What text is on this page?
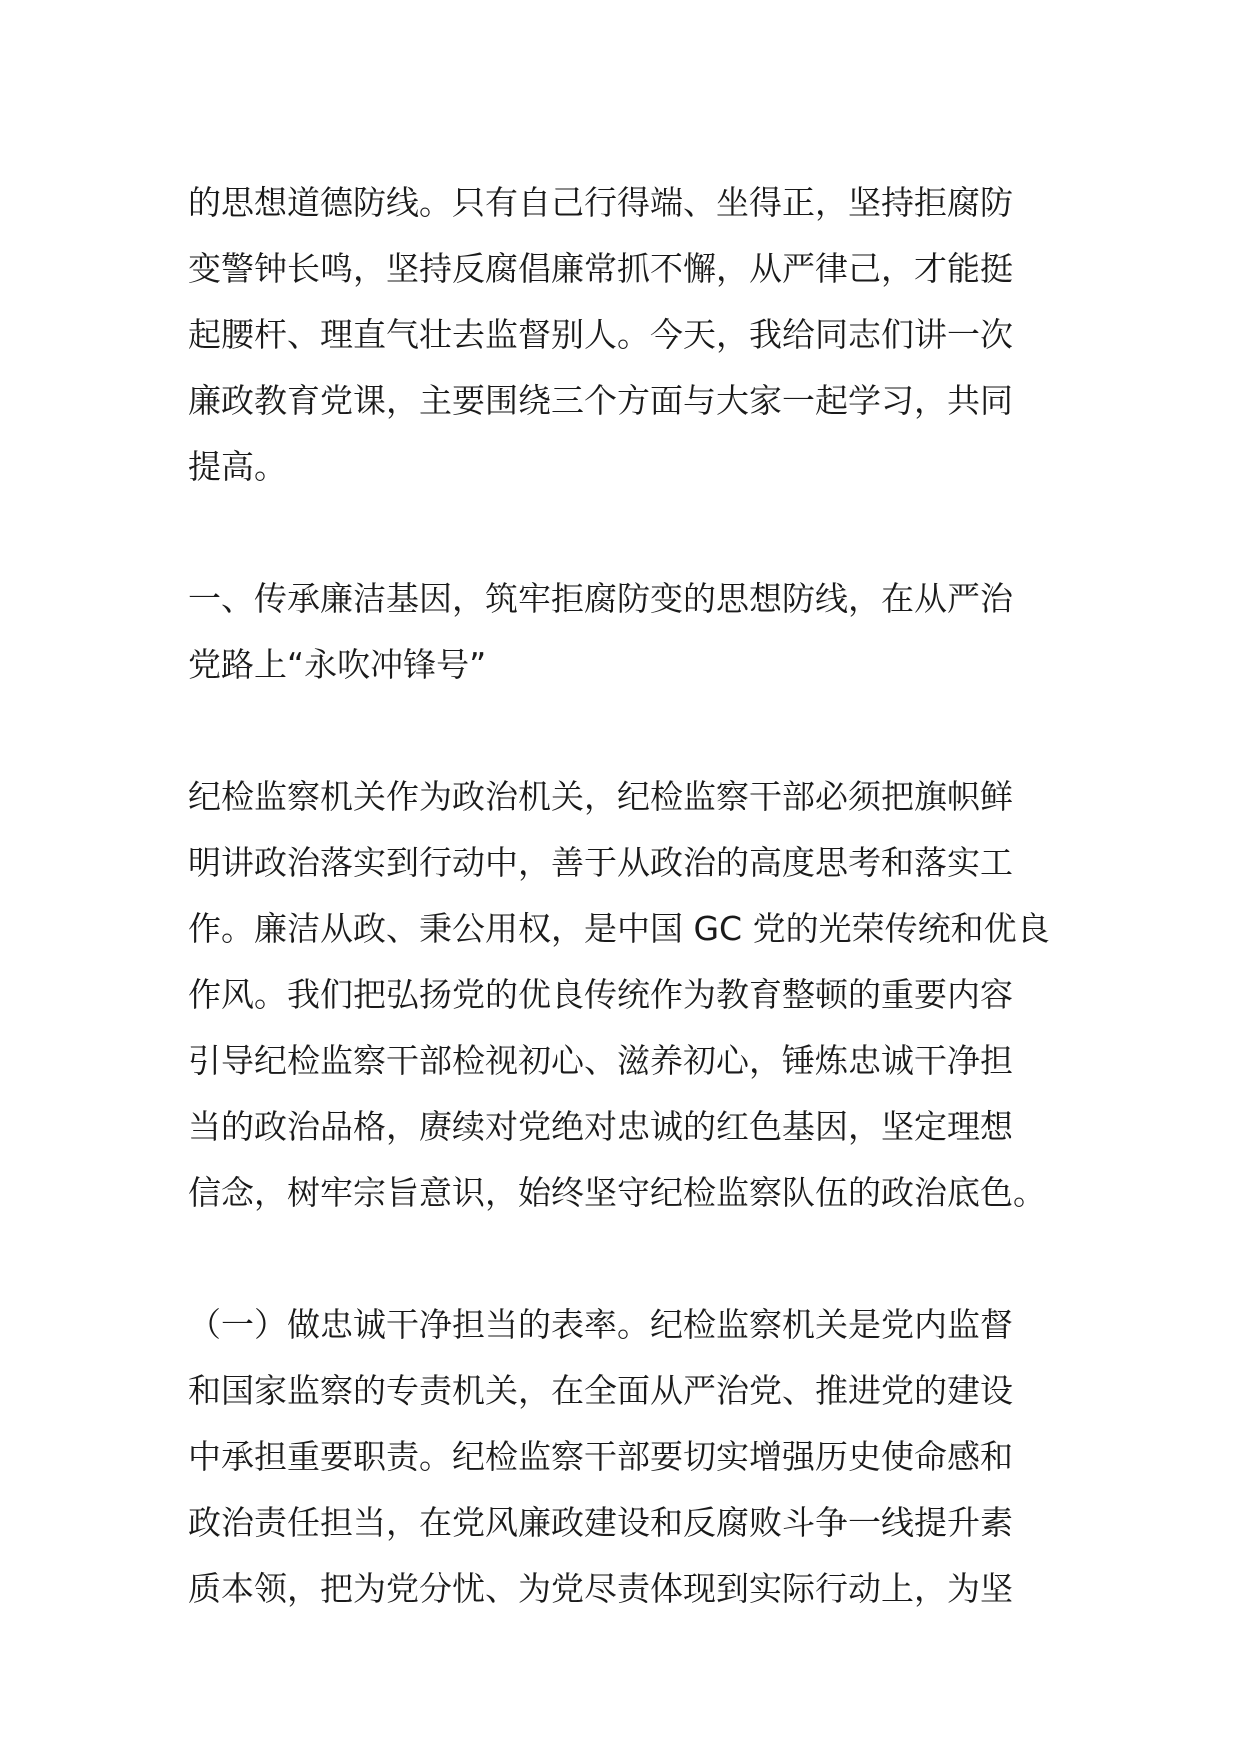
的思想道德防线。只有自己行得端、坐得正，坚持拒腐防
变警钟长鸣，坚持反腐倡廉常抓不懈，从严律己，才能挺
起腰杆、理直气壮去监督别人。今天，我给同志们讲一次
廉政教育党课，主要围绕三个方面与大家一起学习，共同
提高。

一、传承廉洁基因，筑牢拒腐防变的思想防线，在从严治
党路上“永吹冲锋号”

纪检监察机关作为政治机关，纪检监察干部必须把旗帜鲜
明讲政治落实到行动中，善于从政治的高度思考和落实工
作。廉洁从政、秉公用权，是中国 GC 党的光荣传统和优良
作风。我们把弘扬党的优良传统作为教育整顿的重要内容
引导纪检监察干部检视初心、滋养初心，锤炼忠诚干净担
当的政治品格，赓续对党绝对忠诚的红色基因，坚定理想
信念，树牢宗旨意识，始终坚守纪检监察队伍的政治底色。

（一）做忠诚干净担当的表率。纪检监察机关是党内监督
和国家监察的专责机关，在全面从严治党、推进党的建设
中承担重要职责。纪检监察干部要切实增强历史使命感和
政治责任担当，在党风廉政建设和反腐败斗争一线提升素
质本领，把为党分忧、为党尽责体现到实际行动上，为坚
